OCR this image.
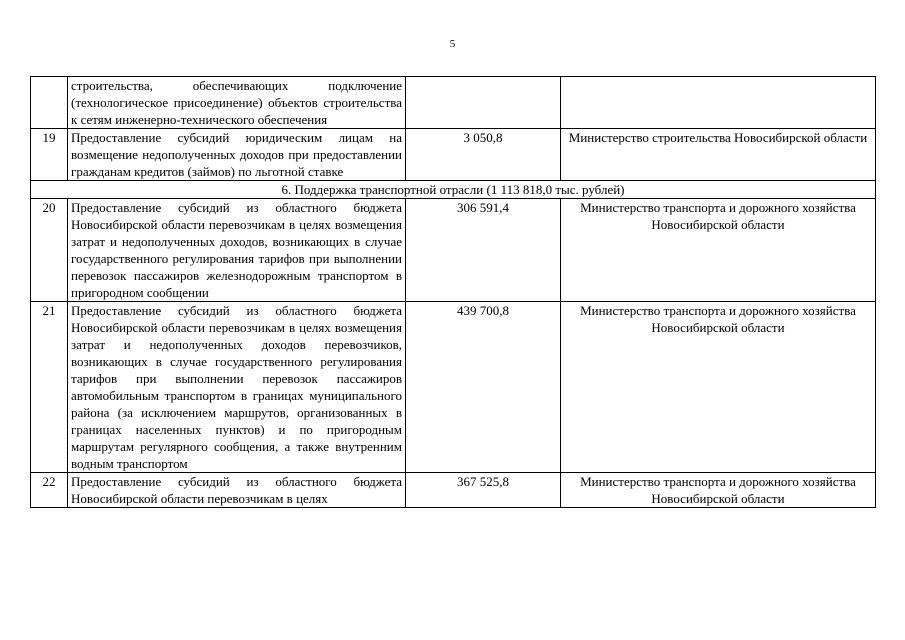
5
	строительства, обеспечивающих подключение (технологическое присоединение) объектов строительства к сетям инженерно-технического обеспечения		
19	Предоставление субсидий юридическим лицам на возмещение недополученных доходов при предоставлении гражданам кредитов (займов) по льготной ставке	3 050,8	Министерство строительства Новосибирской области
6. Поддержка транспортной отрасли (1 113 818,0 тыс. рублей)			
20	Предоставление субсидий из областного бюджета Новосибирской области перевозчикам в целях возмещения затрат и недополученных доходов, возникающих в случае государственного регулирования тарифов при выполнении перевозок пассажиров железнодорожным транспортом в пригородном сообщении	306 591,4	Министерство транспорта и дорожного хозяйства Новосибирской области
21	Предоставление субсидий из областного бюджета Новосибирской области перевозчикам в целях возмещения затрат и недополученных доходов перевозчиков, возникающих в случае государственного регулирования тарифов при выполнении перевозок пассажиров автомобильным транспортом в границах муниципального района (за исключением маршрутов, организованных в границах населенных пунктов) и по пригородным маршрутам регулярного сообщения, а также внутренним водным транспортом	439 700,8	Министерство транспорта и дорожного хозяйства Новосибирской области
22	Предоставление субсидий из областного бюджета Новосибирской области перевозчикам в целях	367 525,8	Министерство транспорта и дорожного хозяйства Новосибирской области
